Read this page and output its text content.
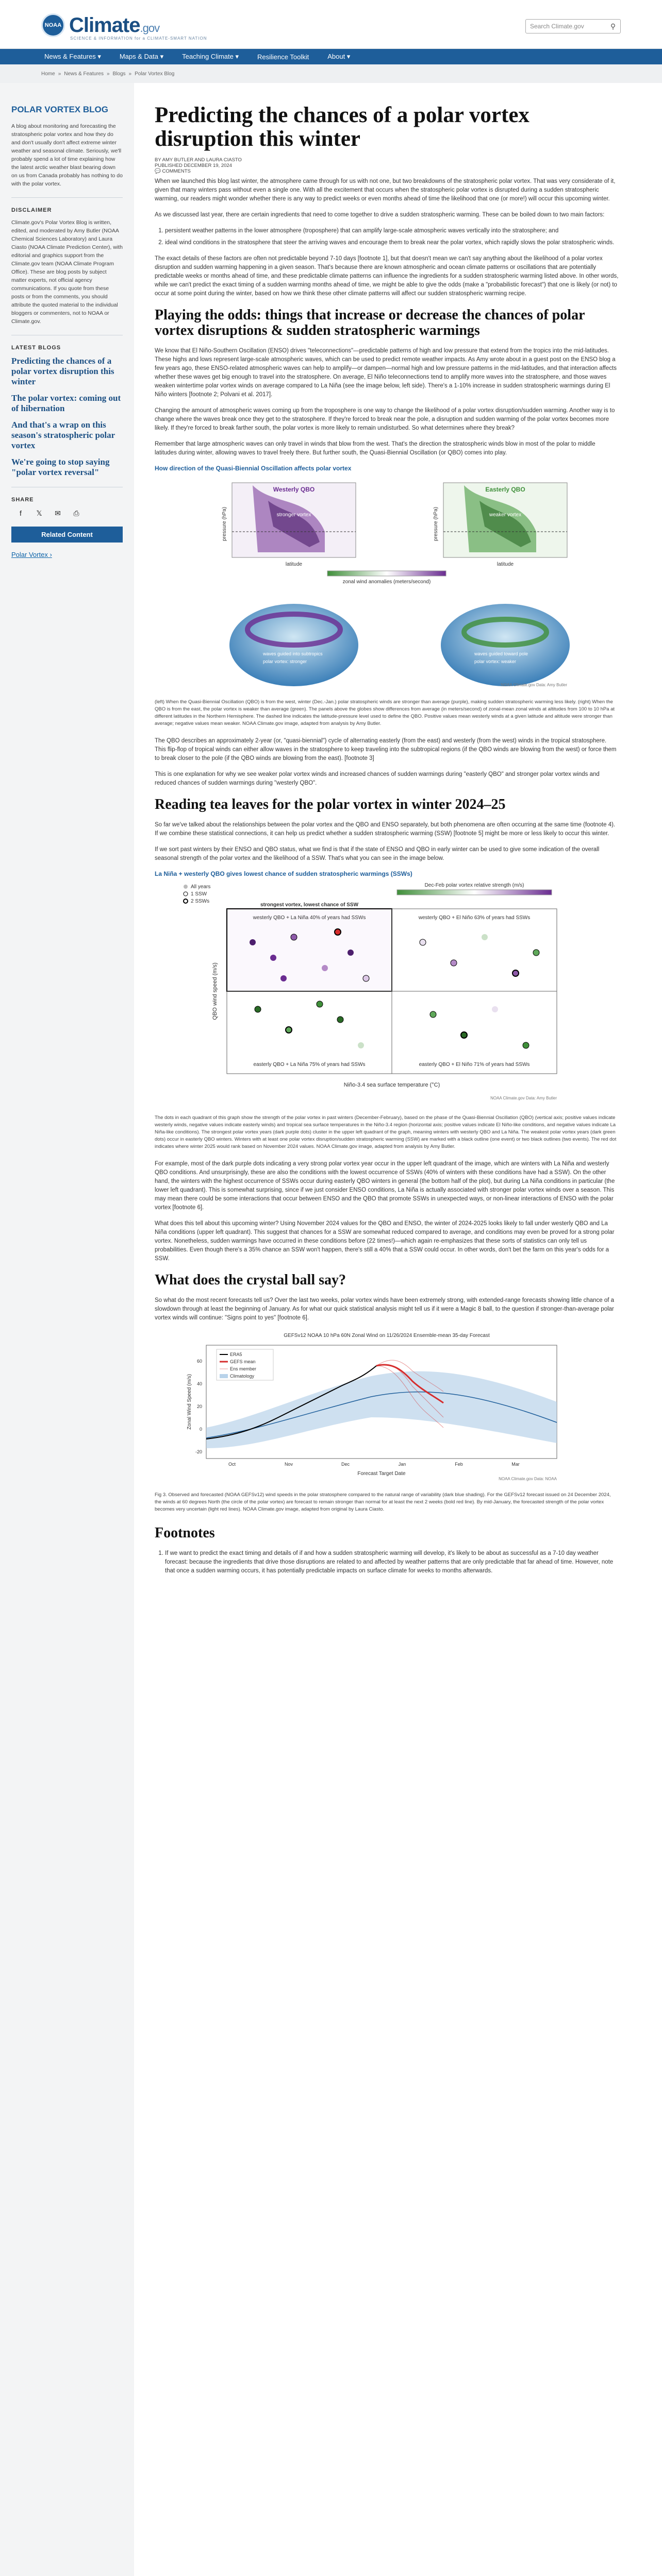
NOAA Climate.gov
SCIENCE & INFORMATION for a CLIMATE-SMART NATION
Search Climate.gov	⚲
News & Features ▾	Maps & Data ▾	Teaching Climate ▾	Resilience Toolkit	About ▾
Home » News & Features » Blogs » Polar Vortex Blog
POLAR VORTEX BLOG
A blog about monitoring and forecasting the stratospheric polar vortex and how they do and don't usually don't affect extreme winter weather and seasonal climate. Seriously, we'll probably spend a lot of time explaining how the latest arctic weather blast bearing down on us from Canada probably has nothing to do with the polar vortex.
DISCLAIMER
Climate.gov's Polar Vortex Blog is written, edited, and moderated by Amy Butler (NOAA Chemical Sciences Laboratory) and Laura Ciasto (NOAA Climate Prediction Center), with editorial and graphics support from the Climate.gov team (NOAA Climate Program Office). These are blog posts by subject matter experts, not official agency communications. If you quote from these posts or from the comments, you should attribute the quoted material to the individual bloggers or commenters, not to NOAA or Climate.gov.
LATEST BLOGS
Predicting the chances of a polar vortex disruption this winter
The polar vortex: coming out of hibernation
And that's a wrap on this season's stratospheric polar vortex
We're going to stop saying "polar vortex reversal"
SHARE
f	𝕏	✉	⎙
Related Content
Polar Vortex ›
Predicting the chances of a polar vortex disruption this winter
BY AMY BUTLER AND LAURA CIASTO
PUBLISHED DECEMBER 19, 2024
💬 COMMENTS

When we launched this blog last winter, the atmosphere came through for us with not one, but two breakdowns of the stratospheric polar vortex. That was very considerate of it, given that many winters pass without even a single one. With all the excitement that occurs when the stratospheric polar vortex is disrupted during a sudden stratospheric warming, our readers might wonder whether there is any way to predict weeks or even months ahead of time the likelihood that one (or more!) will occur this upcoming winter.

As we discussed last year, there are certain ingredients that need to come together to drive a sudden stratospheric warming. These can be boiled down to two main factors:

1. persistent weather patterns in the lower atmosphere (troposphere) that can amplify large-scale atmospheric waves vertically into the stratosphere; and
2. ideal wind conditions in the stratosphere that steer the arriving waves and encourage them to break near the polar vortex, which rapidly slows the polar stratospheric winds.

The exact details of these factors are often not predictable beyond 7-10 days [footnote 1], but that doesn't mean we can't say anything about the likelihood of a polar vortex disruption and sudden warming happening in a given season. That's because there are known atmospheric and ocean climate patterns or oscillations that are potentially predictable weeks or months ahead of time, and these predictable climate patterns can influence the ingredients for a sudden stratospheric warming listed above. In other words, while we can't predict the exact timing of a sudden warming months ahead of time, we might be able to give the odds (make a "probabilistic forecast") that one is likely (or not) to occur at some point during the winter, based on how we think these other climate patterns will affect our sudden stratospheric warming recipe.

Playing the odds: things that increase or decrease the chances of polar vortex disruptions & sudden stratospheric warmings

We know that El Niño-Southern Oscillation (ENSO) drives "teleconnections"—predictable patterns of high and low pressure that extend from the tropics into the mid-latitudes. These highs and lows represent large-scale atmospheric waves, which can be used to predict remote weather impacts. As Amy wrote about in a guest post on the ENSO blog a few years ago, these ENSO-related atmospheric waves can help to amplify—or dampen—normal high and low pressure patterns in the mid-latitudes, and that interaction affects whether these waves get big enough to travel into the stratosphere. On average, El Niño teleconnections tend to amplify more waves into the stratosphere, and those waves weaken wintertime polar vortex winds on average compared to La Niña (see the image below, left side). There's a 1-10% increase in sudden stratospheric warmings during El Niño winters [footnote 2; Polvani et al. 2017].

Changing the amount of atmospheric waves coming up from the troposphere is one way to change the likelihood of a polar vortex disruption/sudden warming. Another way is to change where the waves break once they get to the stratosphere. If they're forced to break near the pole, a disruption and sudden warming of the polar vortex becomes more likely. If they're forced to break farther south, the polar vortex is more likely to remain undisturbed. So what determines where they break?

Remember that large atmospheric waves can only travel in winds that blow from the west. That's the direction the stratospheric winds blow in most of the polar to middle latitudes during winter, allowing waves to travel freely there. But further south, the Quasi-Biennial Oscillation (or QBO) comes into play.

How direction of the Quasi-Biennial Oscillation affects polar vortex
Westerly QBO	Easterly QBO
stronger vortex	weaker vortex
latitude	latitude
pressure (hPa)	pressure (hPa)
zonal wind anomalies (meters/second)
waves guided into subtropics
polar vortex: stronger
waves guided toward pole
polar vortex: weaker
NOAA Climate.gov Data: Amy Butler
(left) When the Quasi-Biennial Oscillation (QBO) is from the west, winter (Dec.-Jan.) polar stratospheric winds are stronger than average (purple), making sudden stratospheric warming less likely. (right) When the QBO is from the east, the polar vortex is weaker than average (green). The panels above the globes show differences from average (in meters/second) of zonal-mean zonal winds at altitudes from 100 to 10 hPa at different latitudes in the Northern Hemisphere. The dashed line indicates the latitude-pressure level used to define the QBO. Positive values mean westerly winds at a given latitude and altitude were stronger than average; negative values mean weaker. NOAA Climate.gov image, adapted from analysis by Amy Butler.

The QBO describes an approximately 2-year (or, "quasi-biennial") cycle of alternating easterly (from the east) and westerly (from the west) winds in the tropical stratosphere. This flip-flop of tropical winds can either allow waves in the stratosphere to keep traveling into the subtropical regions (if the QBO winds are blowing from the west) or force them to break closer to the pole (if the QBO winds are blowing from the east). [footnote 3]

This is one explanation for why we see weaker polar vortex winds and increased chances of sudden warmings during "easterly QBO" and stronger polar vortex winds and reduced chances of sudden warmings during "westerly QBO".

Reading tea leaves for the polar vortex in winter 2024–25

So far we've talked about the relationships between the polar vortex and the QBO and ENSO separately, but both phenomena are often occurring at the same time (footnote 4). If we combine these statistical connections, it can help us predict whether a sudden stratospheric warming (SSW) [footnote 5] might be more or less likely to occur this winter.

If we sort past winters by their ENSO and QBO status, what we find is that if the state of ENSO and QBO in early winter can be used to give some indication of the overall seasonal strength of the polar vortex and the likelihood of a SSW. That's what you can see in the image below.

La Niña + westerly QBO gives lowest chance of sudden stratospheric warmings (SSWs)
All years
1 SSW
2 SSWs
Dec-Feb polar vortex relative strength (m/s)
strongest vortex, lowest chance of SSW
westerly QBO + La Niña 40% of years had SSWs	westerly QBO + El Niño 63% of years had SSWs
easterly QBO + La Niña 75% of years had SSWs	easterly QBO + El Niño 71% of years had SSWs
Niño-3.4 sea surface temperature (°C)
QBO wind speed (m/s)
NOAA Climate.gov Data: Amy Butler
The dots in each quadrant of this graph show the strength of the polar vortex in past winters (December-February), based on the phase of the Quasi-Biennial Oscillation (QBO) (vertical axis; positive values indicate westerly winds, negative values indicate easterly winds) and tropical sea surface temperatures in the Niño-3.4 region (horizontal axis; positive values indicate El Niño-like conditions, and negative values indicate La Niña-like conditions). The strongest polar vortex years (dark purple dots) cluster in the upper left quadrant of the graph, meaning winters with westerly QBO and La Niña. The weakest polar vortex years (dark green dots) occur in easterly QBO winters. Winters with at least one polar vortex disruption/sudden stratospheric warming (SSW) are marked with a black outline (one event) or two black outlines (two events). The red dot indicates where winter 2025 would rank based on November 2024 values. NOAA Climate.gov image, adapted from analysis by Amy Butler.

For example, most of the dark purple dots indicating a very strong polar vortex year occur in the upper left quadrant of the image, which are winters with La Niña and westerly QBO conditions. And unsurprisingly, these are also the conditions with the lowest occurrence of SSWs (40% of winters with these conditions have had a SSW). On the other hand, the winters with the highest occurrence of SSWs occur during easterly QBO winters in general (the bottom half of the plot), but during La Niña conditions in particular (the lower left quadrant). This is somewhat surprising, since if we just consider ENSO conditions, La Niña is actually associated with stronger polar vortex winds over a season. This may mean there could be some interactions that occur between ENSO and the QBO that promote SSWs in unexpected ways, or non-linear interactions of ENSO with the polar vortex [footnote 6].

What does this tell about this upcoming winter? Using November 2024 values for the QBO and ENSO, the winter of 2024-2025 looks likely to fall under westerly QBO and La Niña conditions (upper left quadrant). This suggest that chances for a SSW are somewhat reduced compared to average, and conditions may even be proved for a strong polar vortex. Nonetheless, sudden warmings have occurred in these conditions before (22 times!)—which again re-emphasizes that these sorts of statistics can only tell us probabilities. Even though there's a 35% chance an SSW won't happen, there's still a 40% that a SSW could occur. In other words, don't bet the farm on this year's odds for a SSW.

What does the crystal ball say?

So what do the most recent forecasts tell us? Over the last two weeks, polar vortex winds have been extremely strong, with extended-range forecasts showing little chance of a slowdown through at least the beginning of January. As for what our quick statistical analysis might tell us if it were a Magic 8 ball, to the question if stronger-than-average polar vortex winds will continue: "Signs point to yes" [footnote 6].

GEFSv12 NOAA 10 hPa 60N Zonal Wind on 11/26/2024 Ensemble-mean 35-day Forecast
ERA5
GEFS mean
Ens member
Climatology
60
40
20
0
-20
Oct	Nov	Dec	Jan	Feb	Mar
Forecast Target Date
Zonal Wind Speed (m/s)
NOAA Climate.gov Data: NOAA
Fig 3. Observed and forecasted (NOAA GEFSv12) wind speeds in the polar stratosphere compared to the natural range of variability (dark blue shading). For the GEFSv12 forecast issued on 24 December 2024, the winds at 60 degrees North (the circle of the polar vortex) are forecast to remain stronger than normal for at least the next 2 weeks (bold red line). By mid-January, the forecasted strength of the polar vortex becomes very uncertain (light red lines). NOAA Climate.gov image, adapted from original by Laura Ciasto.
Footnotes
1. If we want to predict the exact timing and details of if and how a sudden stratospheric warming will develop, it's likely to be about as successful as a 7-10 day weather forecast: because the ingredients that drive those disruptions are related to and affected by weather patterns that are only predictable that far ahead of time. However, note that once a sudden warming occurs, it has potentially predictable impacts on surface climate for weeks to months afterwards.
